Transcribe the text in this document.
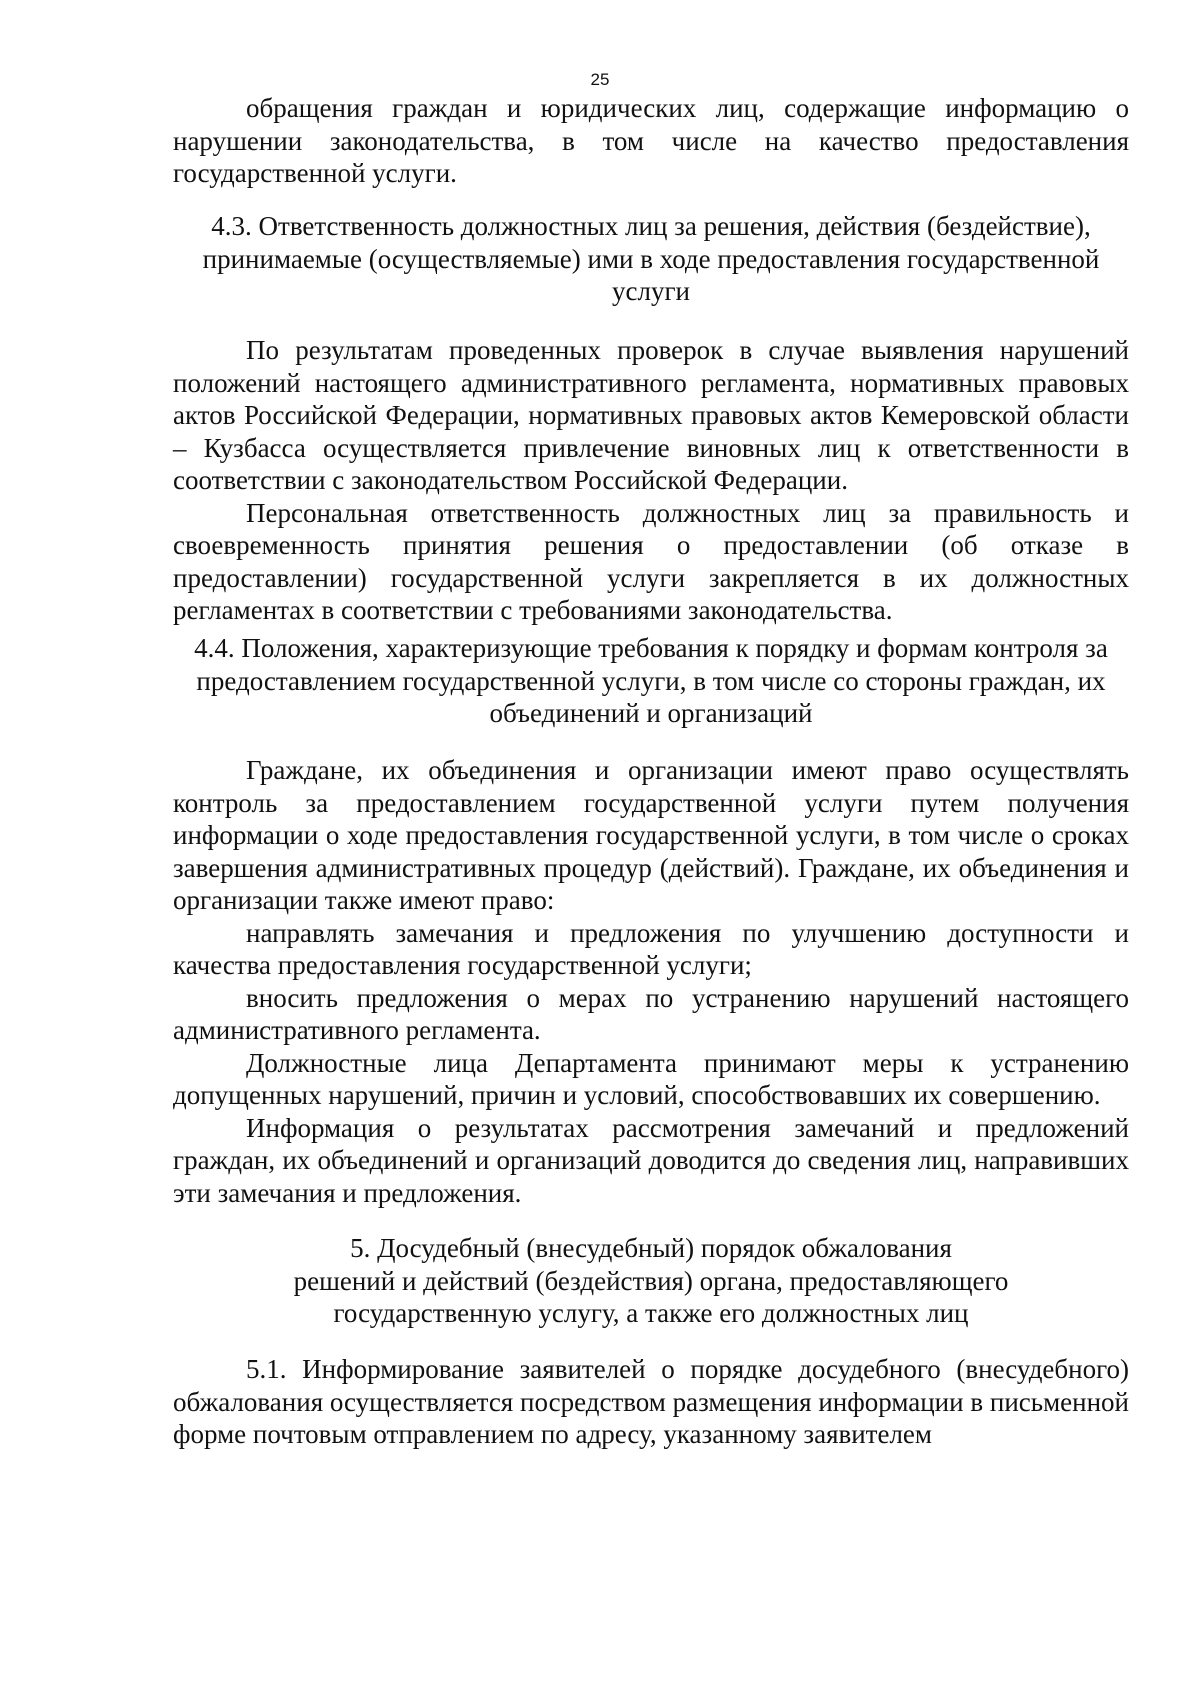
25

обращения граждан и юридических лиц, содержащие информацию о нарушении законодательства, в том числе на качество предоставления государственной услуги.

4.3. Ответственность должностных лиц за решения, действия (бездействие), принимаемые (осуществляемые) ими в ходе предоставления государственной услуги

По результатам проведенных проверок в случае выявления нарушений положений настоящего административного регламента, нормативных правовых актов Российской Федерации, нормативных правовых актов Кемеровской области – Кузбасса осуществляется привлечение виновных лиц к ответственности в соответствии с законодательством Российской Федерации.

Персональная ответственность должностных лиц за правильность и своевременность принятия решения о предоставлении (об отказе в предоставлении) государственной услуги закрепляется в их должностных регламентах в соответствии с требованиями законодательства.

4.4. Положения, характеризующие требования к порядку и формам контроля за предоставлением государственной услуги, в том числе со стороны граждан, их объединений и организаций

Граждане, их объединения и организации имеют право осуществлять контроль за предоставлением государственной услуги путем получения информации о ходе предоставления государственной услуги, в том числе о сроках завершения административных процедур (действий). Граждане, их объединения и организации также имеют право:

направлять замечания и предложения по улучшению доступности и качества предоставления государственной услуги;

вносить предложения о мерах по устранению нарушений настоящего административного регламента.

Должностные лица Департамента принимают меры к устранению допущенных нарушений, причин и условий, способствовавших их совершению.

Информация о результатах рассмотрения замечаний и предложений граждан, их объединений и организаций доводится до сведения лиц, направивших эти замечания и предложения.

5. Досудебный (внесудебный) порядок обжалования

решений и действий (бездействия) органа, предоставляющего

государственную услугу, а также его должностных лиц

5.1. Информирование заявителей о порядке досудебного (внесудебного) обжалования осуществляется посредством размещения информации в письменной форме почтовым отправлением по адресу, указанному заявителем
